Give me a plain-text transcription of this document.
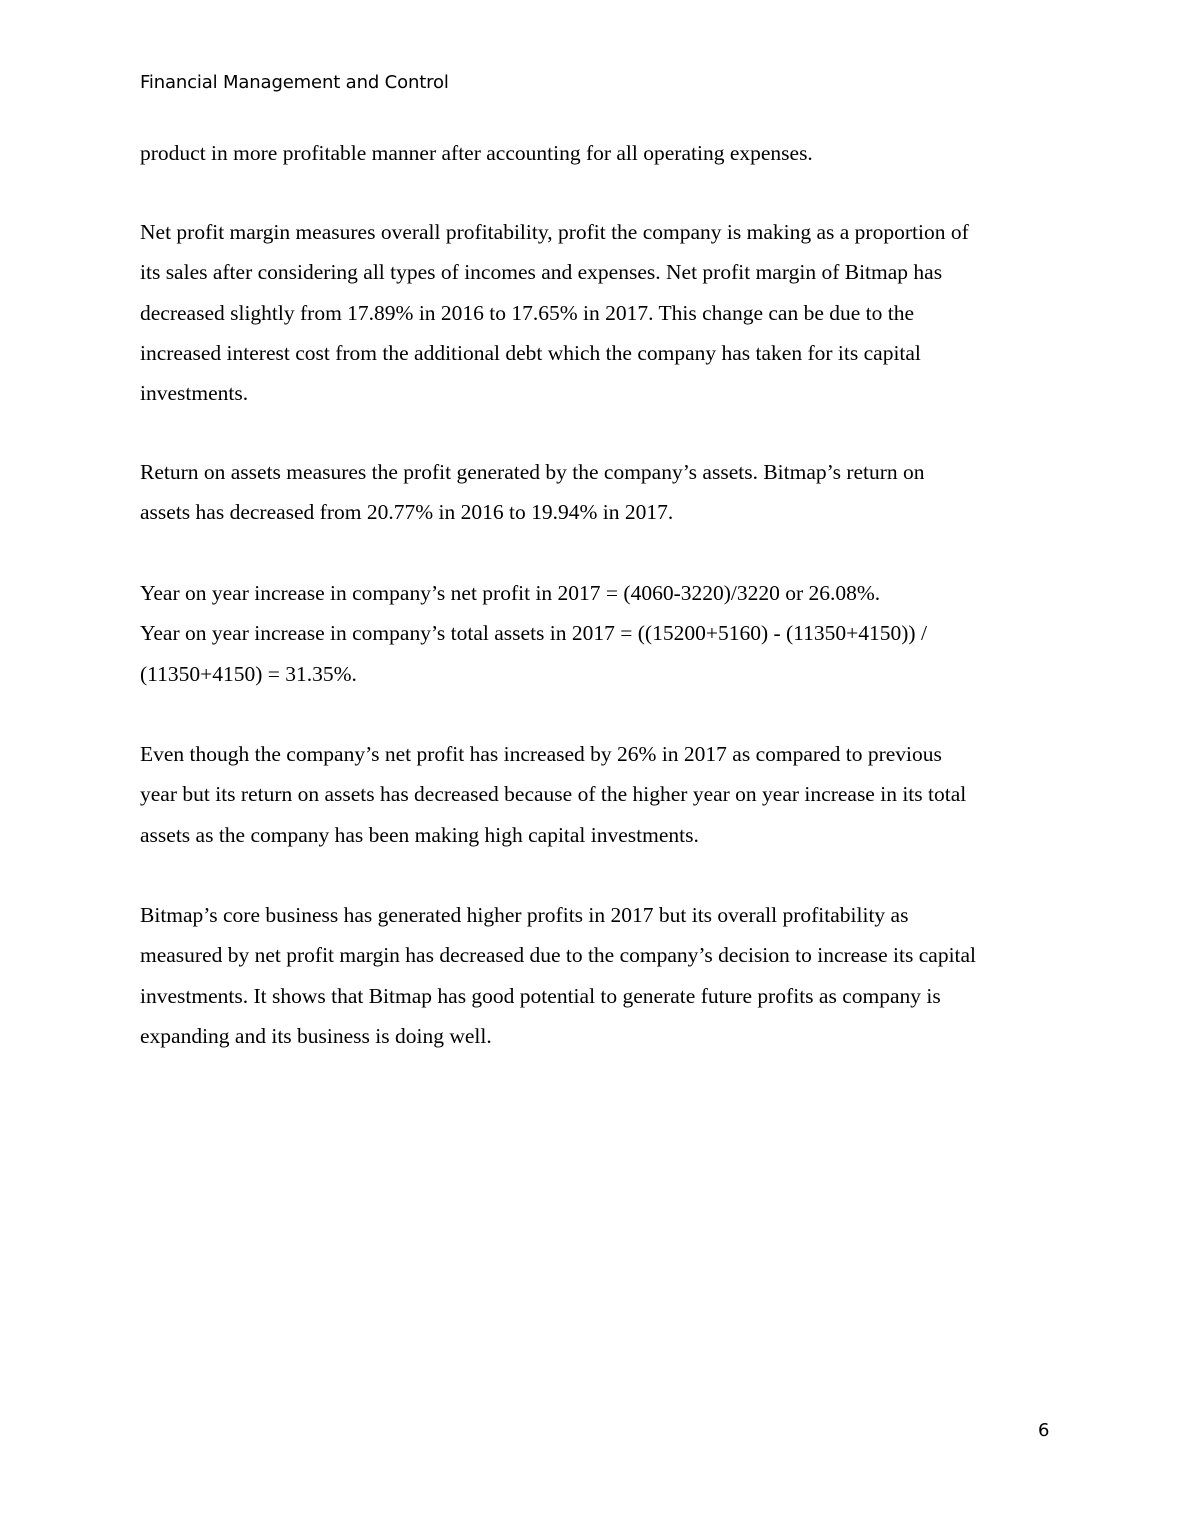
Financial Management and Control

product in more profitable manner after accounting for all operating expenses.

Net profit margin measures overall profitability, profit the company is making as a proportion of

its sales after considering all types of incomes and expenses. Net profit margin of Bitmap has

decreased slightly from 17.89% in 2016 to 17.65% in 2017. This change can be due to the

increased interest cost from the additional debt which the company has taken for its capital

investments.

Return on assets measures the profit generated by the company’s assets. Bitmap’s return on

assets has decreased from 20.77% in 2016 to 19.94% in 2017.

Year on year increase in company’s net profit in 2017 = (4060-3220)/3220 or 26.08%.

Year on year increase in company’s total assets in 2017 = ((15200+5160) - (11350+4150)) /

(11350+4150) = 31.35%.

Even though the company’s net profit has increased by 26% in 2017 as compared to previous

year but its return on assets has decreased because of the higher year on year increase in its total

assets as the company has been making high capital investments.

Bitmap’s core business has generated higher profits in 2017 but its overall profitability as

measured by net profit margin has decreased due to the company’s decision to increase its capital

investments. It shows that Bitmap has good potential to generate future profits as company is

expanding and its business is doing well.

6
